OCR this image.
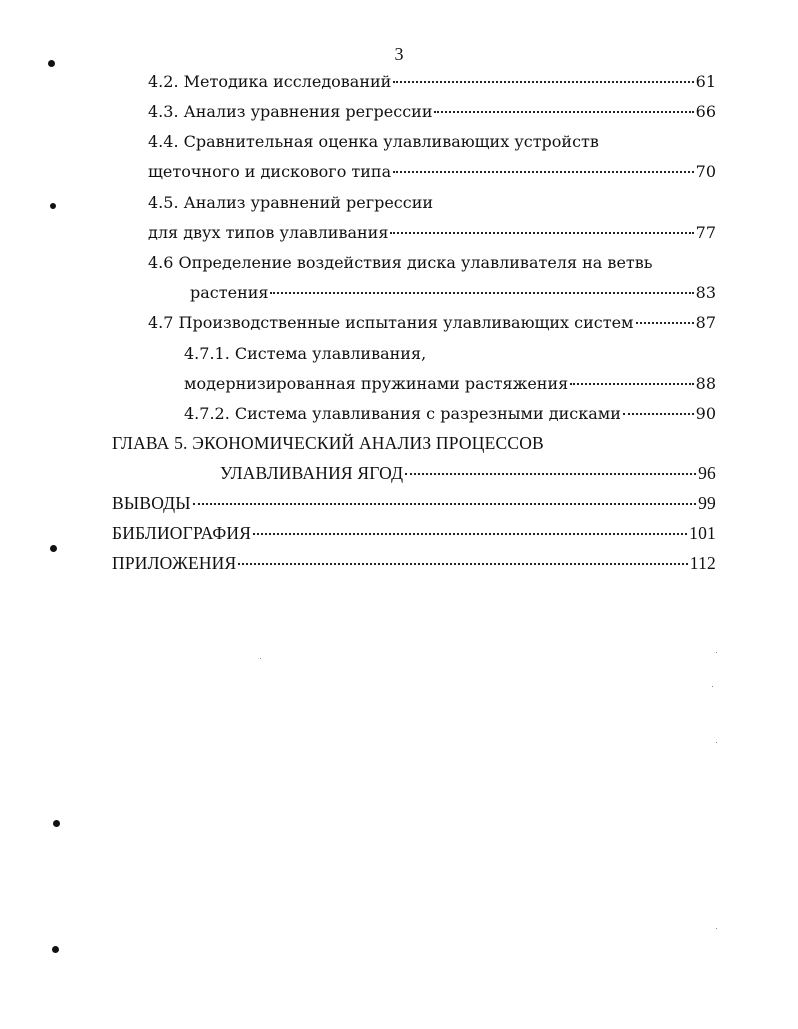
3
4.2. Методика исследований	61
4.3. Анализ уравнения регрессии	66
4.4. Сравнительная оценка улавливающих устройств
щеточного и дискового типа	70
4.5. Анализ уравнений регрессии
для двух типов улавливания	77
4.6 Определение воздействия диска улавливателя на ветвь
растения	83
4.7 Производственные испытания улавливающих систем	87
4.7.1. Система улавливания,
модернизированная пружинами растяжения	88
4.7.2. Система улавливания с разрезными дисками	90
ГЛАВА 5. ЭКОНОМИЧЕСКИЙ АНАЛИЗ ПРОЦЕССОВ
УЛАВЛИВАНИЯ ЯГОД	96
ВЫВОДЫ	99
БИБЛИОГРАФИЯ	101
ПРИЛОЖЕНИЯ	112
